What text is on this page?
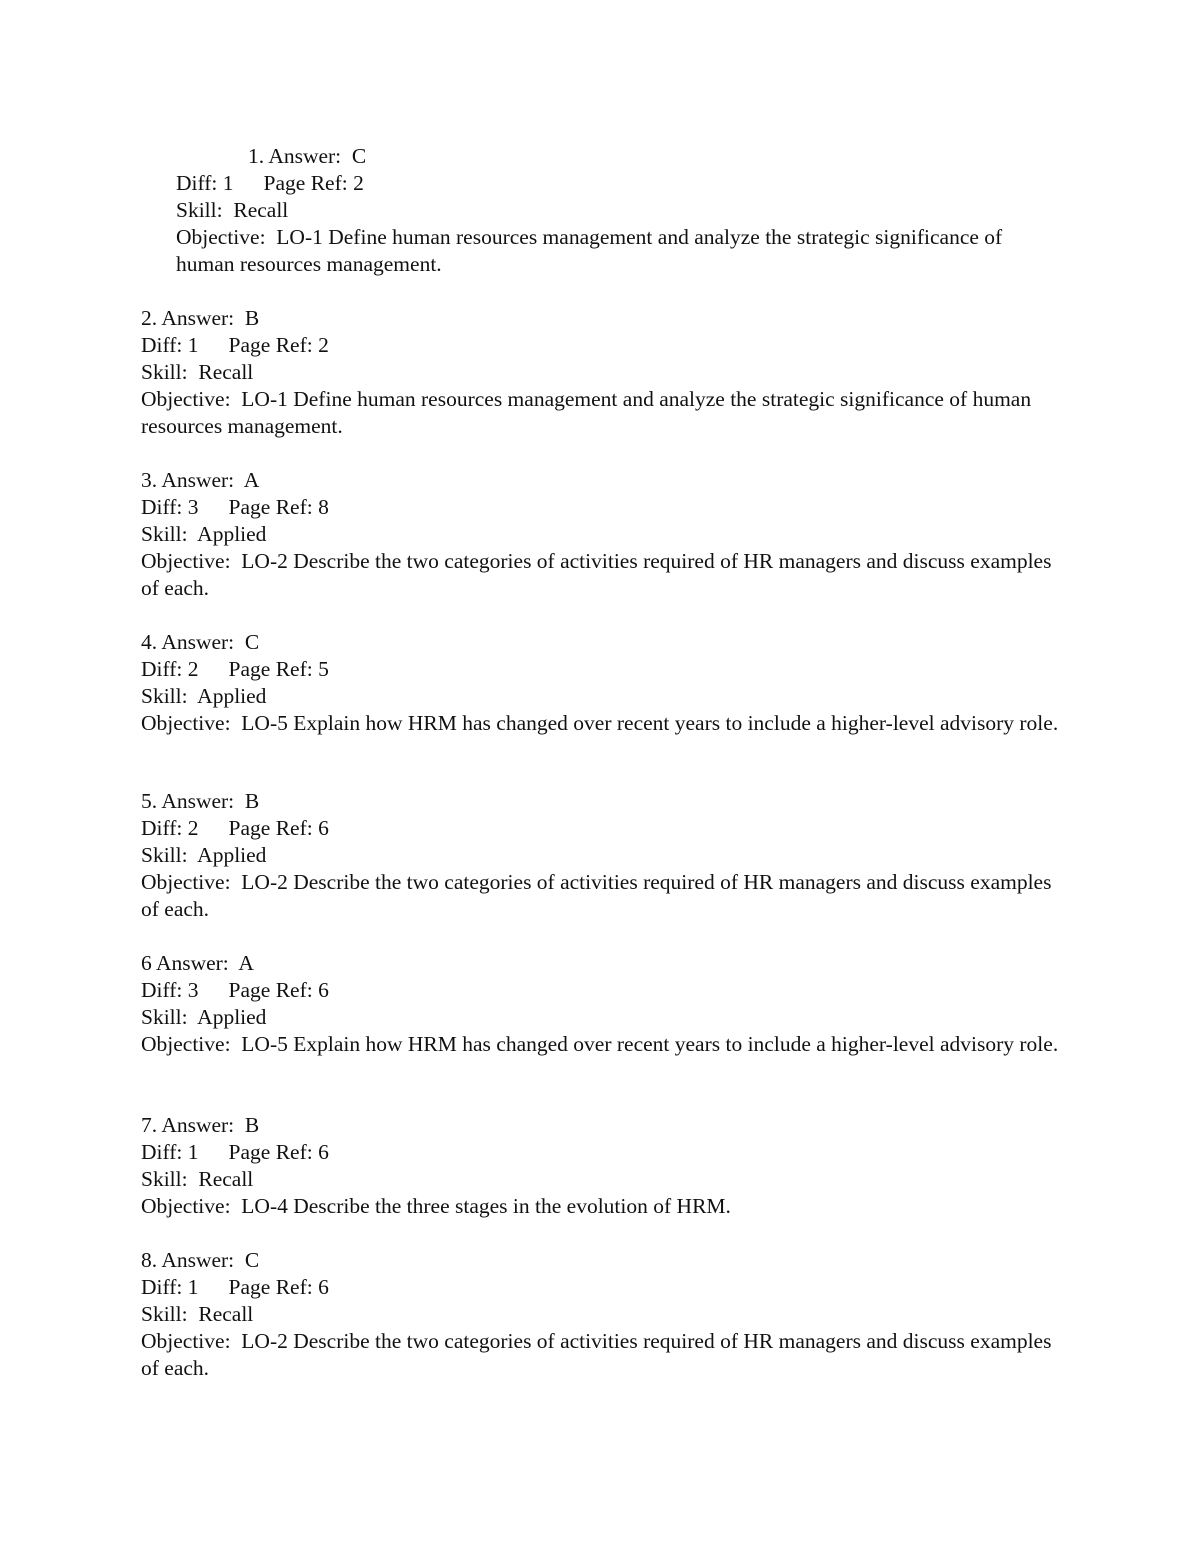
1. Answer:  C
Diff: 1 Page Ref: 2
Skill:  Recall
Objective:  LO-1 Define human resources management and analyze the strategic significance of human resources management.
2. Answer:  B
Diff: 1 Page Ref: 2
Skill:  Recall
Objective:  LO-1 Define human resources management and analyze the strategic significance of human resources management.
3. Answer:  A
Diff: 3 Page Ref: 8
Skill:  Applied
Objective:  LO-2 Describe the two categories of activities required of HR managers and discuss examples of each.
4. Answer:  C
Diff: 2 Page Ref: 5
Skill:  Applied
Objective:  LO-5 Explain how HRM has changed over recent years to include a higher-level advisory role.
5. Answer:  B
Diff: 2 Page Ref: 6
Skill:  Applied
Objective:  LO-2 Describe the two categories of activities required of HR managers and discuss examples of each.
6 Answer:  A
Diff: 3 Page Ref: 6
Skill:  Applied
Objective:  LO-5 Explain how HRM has changed over recent years to include a higher-level advisory role.
7. Answer:  B
Diff: 1 Page Ref: 6
Skill:  Recall
Objective:  LO-4 Describe the three stages in the evolution of HRM.
8. Answer:  C
Diff: 1 Page Ref: 6
Skill:  Recall
Objective:  LO-2 Describe the two categories of activities required of HR managers and discuss examples of each.
